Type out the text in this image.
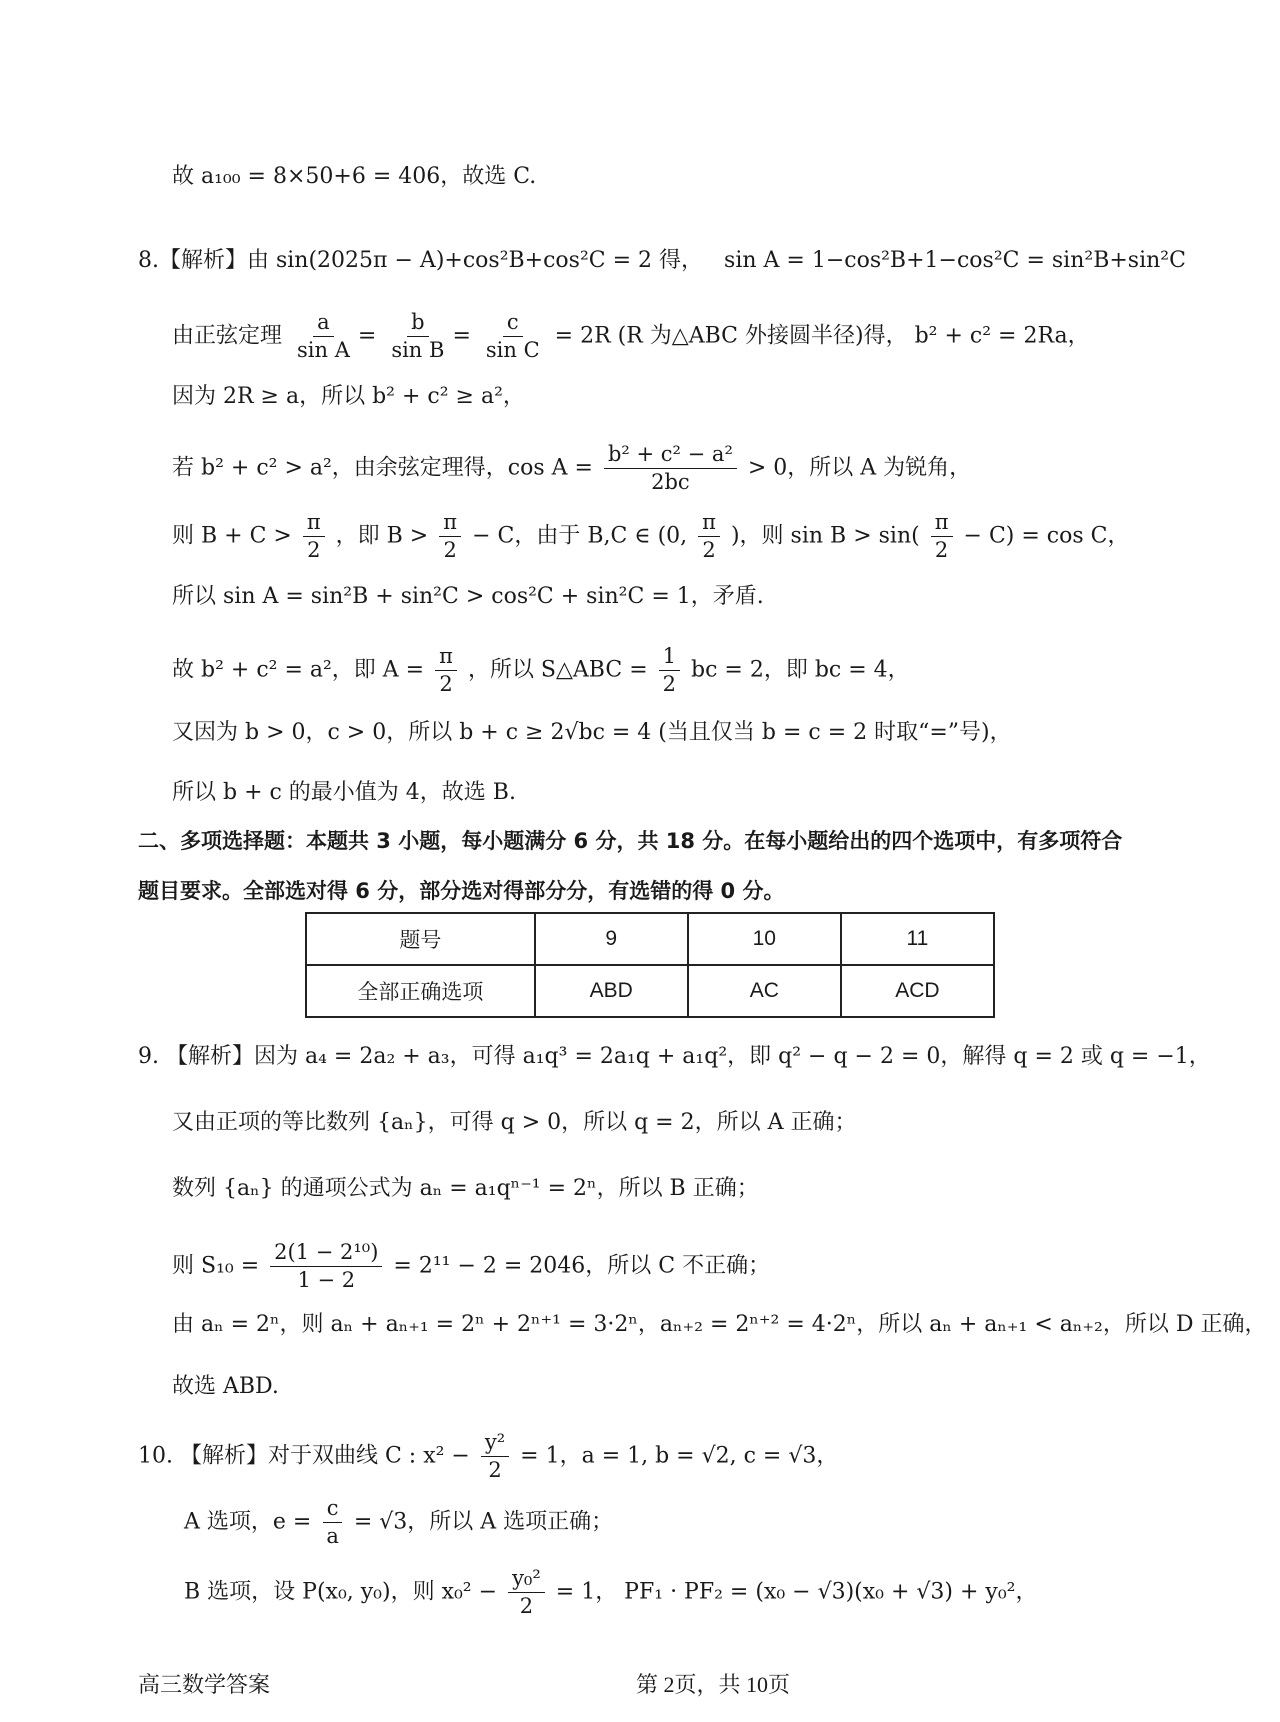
故 a₁₀₀ = 8×50+6 = 406，故选 C.
8.【解析】由 sin(2025π − A)+cos²B+cos²C = 2 得， sin A = 1−cos²B+1−cos²C = sin²B+sin²C
由正弦定理 $\frac{a}{\text{sin A}} = \frac{b}{\text{sin B}} = \frac{c}{\text{sin C}} = 2R$ (R 为△ABC 外接圆半径)得， b² + c² = 2Ra，
因为 2R ≥ a，所以 b² + c² ≥ a²，
若 b² + c² > a²，由余弦定理得，$\cos A = \frac{\text{b² + c² − a²}}{2bc} > 0$，所以 A 为锐角，
则 $B + C > \frac{\pi}{2}$ ，即 $B > \frac{\pi}{2} - C$，由于 B,C ∈ (0, $\frac{\pi}{2}$ )，则 $\sin B > \sin( \frac{\pi}{2} - C) = \cos C$，
所以 sin A = sin²B + sin²C > cos²C + sin²C = 1，矛盾.
故 b² + c² = a²，即 $A = \frac{\pi}{2}$ ，所以 S△ABC = $\frac{1}{2}$ bc = 2，即 bc = 4，
又因为 b > 0，c > 0，所以 b + c ≥ 2√bc = 4 (当且仅当 b = c = 2 时取“=”号)，
所以 b + c 的最小值为 4，故选 B.
二、多项选择题：本题共 3 小题，每小题满分 6 分，共 18 分。在每小题给出的四个选项中，有多项符合
题目要求。全部选对得 6 分，部分选对得部分分，有选错的得 0 分。
题号	9	10	11
全部正确选项	ABD	AC	ACD
9. 【解析】因为 a₄ = 2a₂ + a₃，可得 a₁q³ = 2a₁q + a₁q²，即 q² − q − 2 = 0，解得 q = 2 或 q = −1，
又由正项的等比数列 {aₙ}，可得 q > 0，所以 q = 2，所以 A 正确；
数列 {aₙ} 的通项公式为 aₙ = a₁qⁿ⁻¹ = 2ⁿ，所以 B 正确；
则 $S_{10} = \frac{\text{2(1 − 2¹⁰)}}{1 - 2} = 2^{11} - 2 = 2046$，所以 C 不正确；
由 aₙ = 2ⁿ，则 aₙ + aₙ₊₁ = 2ⁿ + 2ⁿ⁺¹ = 3·2ⁿ，aₙ₊₂ = 2ⁿ⁺² = 4·2ⁿ，所以 aₙ + aₙ₊₁ < aₙ₊₂，所以 D 正确，
故选 ABD.
10. 【解析】对于双曲线 C : $x^2 - \frac{\text{y²}}{2} = 1$，a = 1, b = √2, c = √3，
A 选项，$e = \frac{c}{a} = √3$，所以 A 选项正确；
B 选项，设 P(x₀, y₀)，则 $x_0^2 - \frac{\text{y₀²}}{2} = 1$， PF₁ · PF₂ = (x₀ − √3)(x₀ + √3) + y₀²，
高三数学答案	第 2页，共 10页
